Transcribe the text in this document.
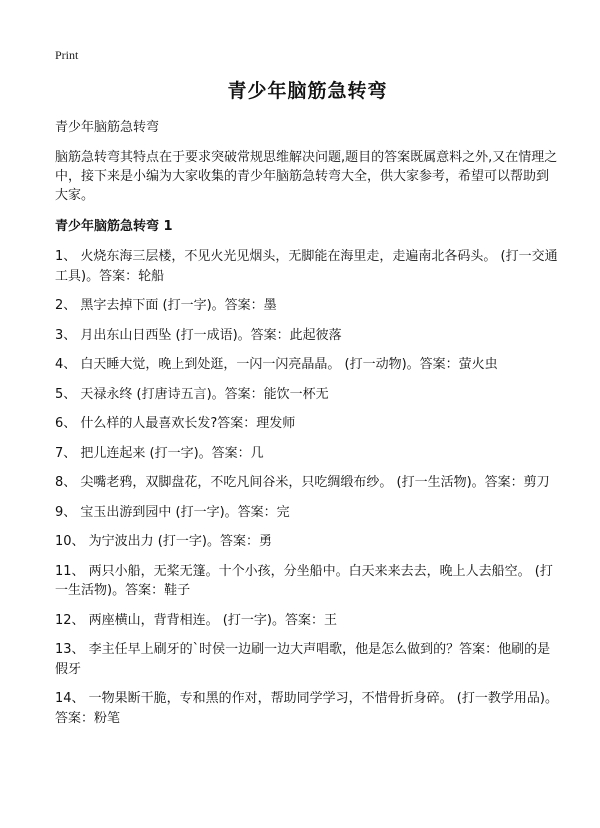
Print
青少年脑筋急转弯
青少年脑筋急转弯
脑筋急转弯其特点在于要求突破常规思维解决问题,题目的答案既属意料之外,又在情理之中，接下来是小编为大家收集的青少年脑筋急转弯大全，供大家参考，希望可以帮助到大家。
青少年脑筋急转弯 1
1、 火烧东海三层楼，不见火光见烟头，无脚能在海里走，走遍南北各码头。 (打一交通工具)。答案：轮船
2、 黑字去掉下面 (打一字)。答案：墨
3、 月出东山日西坠 (打一成语)。答案：此起彼落
4、 白天睡大觉，晚上到处逛，一闪一闪亮晶晶。 (打一动物)。答案：萤火虫
5、 天禄永终 (打唐诗五言)。答案：能饮一杯无
6、 什么样的人最喜欢长发?答案：理发师
7、 把儿连起来 (打一字)。答案：几
8、 尖嘴老鸦，双脚盘花，不吃凡间谷米，只吃绸缎布纱。 (打一生活物)。答案：剪刀
9、 宝玉出游到园中 (打一字)。答案：完
10、 为宁波出力 (打一字)。答案：勇
11、 两只小船，无桨无篷。十个小孩，分坐船中。白天来来去去，晚上人去船空。 (打一生活物)。答案：鞋子
12、 两座横山，背背相连。 (打一字)。答案：王
13、 李主任早上刷牙的`时侯一边刷一边大声唱歌，他是怎么做到的？答案：他刷的是假牙
14、 一物果断干脆，专和黑的作对，帮助同学学习，不惜骨折身碎。 (打一教学用品)。答案：粉笔
